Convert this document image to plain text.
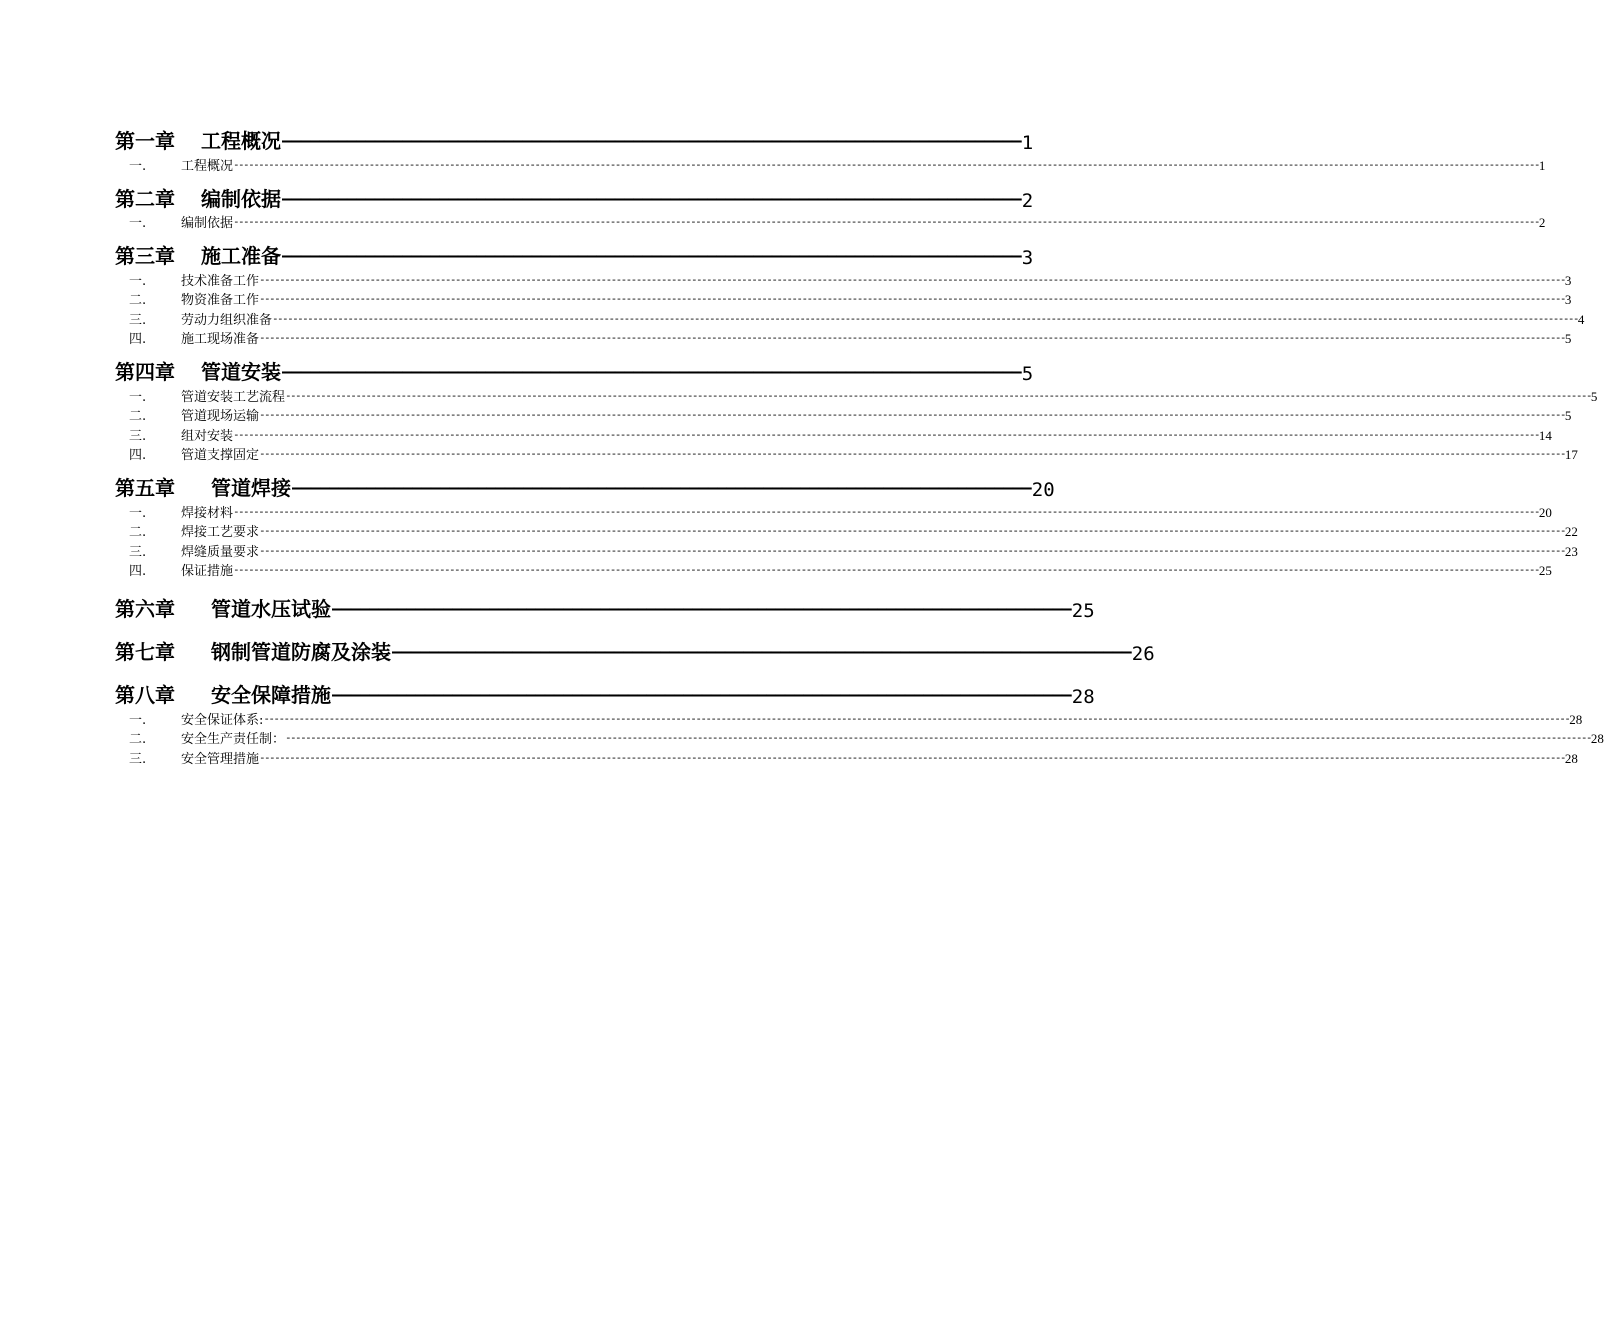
第一章 工程概况 ———————————————————————————————————————————————————————————————————————————————— 1
一.	工程概况 -------------------------------------------------------------------------------------------------------------------------------------------------------------------------------------------------------------------------------------------------------------------- 1
第二章 编制依据 ———————————————————————————————————————————————————————————————————————————————— 2
一.	编制依据 -------------------------------------------------------------------------------------------------------------------------------------------------------------------------------------------------------------------------------------------------------------------- 2
第三章 施工准备 ———————————————————————————————————————————————————————————————————————————————— 3
一.	技术准备工作 -------------------------------------------------------------------------------------------------------------------------------------------------------------------------------------------------------------------------------------------------------------------- 3
二.	物资准备工作 -------------------------------------------------------------------------------------------------------------------------------------------------------------------------------------------------------------------------------------------------------------------- 3
三.	劳动力组织准备 -------------------------------------------------------------------------------------------------------------------------------------------------------------------------------------------------------------------------------------------------------------------- 4
四.	施工现场准备 -------------------------------------------------------------------------------------------------------------------------------------------------------------------------------------------------------------------------------------------------------------------- 5
第四章 管道安装 ———————————————————————————————————————————————————————————————————————————————— 5
一.	管道安装工艺流程 -------------------------------------------------------------------------------------------------------------------------------------------------------------------------------------------------------------------------------------------------------------------- 5
二.	管道现场运输 -------------------------------------------------------------------------------------------------------------------------------------------------------------------------------------------------------------------------------------------------------------------- 5
三.	组对安装 -------------------------------------------------------------------------------------------------------------------------------------------------------------------------------------------------------------------------------------------------------------------- 14
四.	管道支撑固定 -------------------------------------------------------------------------------------------------------------------------------------------------------------------------------------------------------------------------------------------------------------------- 17
第五章 管道焊接 ———————————————————————————————————————————————————————————————————————————————— 20
一.	焊接材料 -------------------------------------------------------------------------------------------------------------------------------------------------------------------------------------------------------------------------------------------------------------------- 20
二.	焊接工艺要求 -------------------------------------------------------------------------------------------------------------------------------------------------------------------------------------------------------------------------------------------------------------------- 22
三.	焊缝质量要求 -------------------------------------------------------------------------------------------------------------------------------------------------------------------------------------------------------------------------------------------------------------------- 23
四.	保证措施 -------------------------------------------------------------------------------------------------------------------------------------------------------------------------------------------------------------------------------------------------------------------- 25
第六章 管道水压试验 ———————————————————————————————————————————————————————————————————————————————— 25
第七章 钢制管道防腐及涂装 ———————————————————————————————————————————————————————————————————————————————— 26
第八章 安全保障措施 ———————————————————————————————————————————————————————————————————————————————— 28
一.	安全保证体系: -------------------------------------------------------------------------------------------------------------------------------------------------------------------------------------------------------------------------------------------------------------------- 28
二.	安全生产责任制： -------------------------------------------------------------------------------------------------------------------------------------------------------------------------------------------------------------------------------------------------------------------- 28
三.	安全管理措施 -------------------------------------------------------------------------------------------------------------------------------------------------------------------------------------------------------------------------------------------------------------------- 28
